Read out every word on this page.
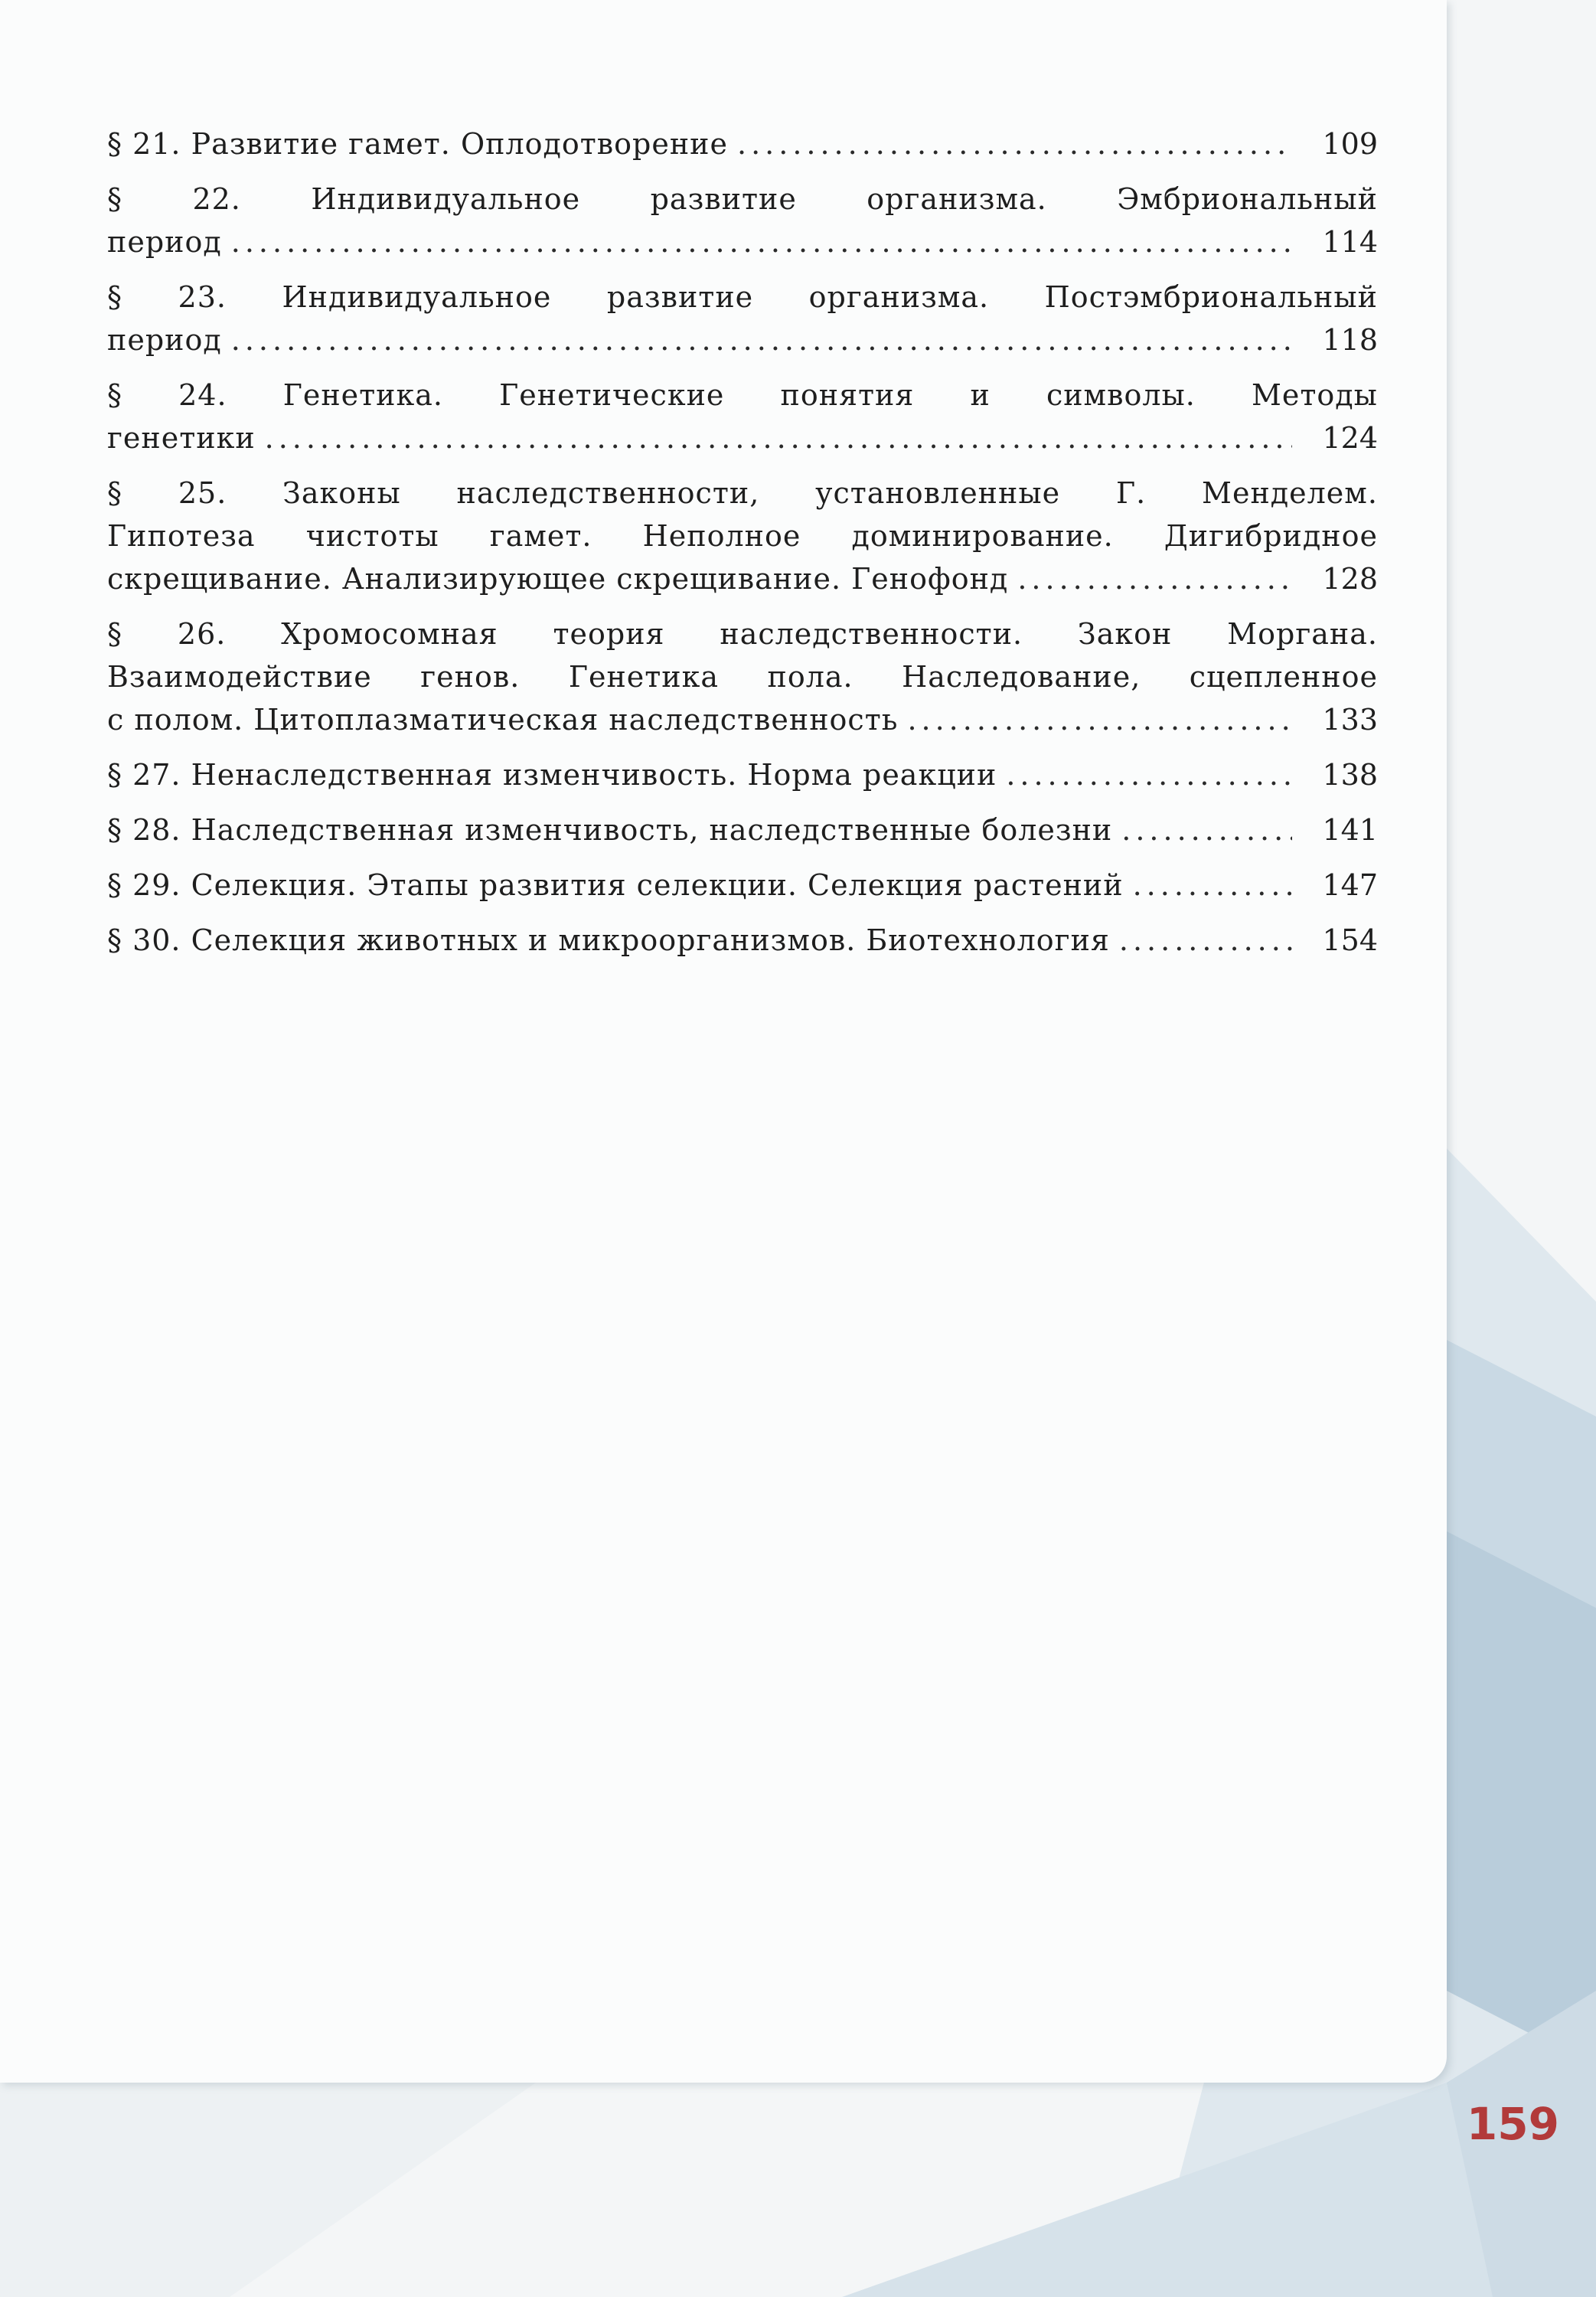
§ 21. Развитие гамет. Оплодотворение .....	109
§ 22. Индивидуальное развитие организма. Эмбриональный
период .....	114
§ 23. Индивидуальное развитие организма. Постэмбриональный
период .....	118
§ 24. Генетика. Генетические понятия и символы. Методы
генетики .....	124
§ 25. Законы наследственности, установленные Г. Менделем.
Гипотеза чистоты гамет. Неполное доминирование. Дигибридное
скрещивание. Анализирующее скрещивание. Генофонд .....	128
§ 26. Хромосомная теория наследственности. Закон Моргана.
Взаимодействие генов. Генетика пола. Наследование, сцепленное
с полом. Цитоплазматическая наследственность .....	133
§ 27. Ненаследственная изменчивость. Норма реакции .....	138
§ 28. Наследственная изменчивость, наследственные болезни .....	141
§ 29. Селекция. Этапы развития селекции. Селекция растений .....	147
§ 30. Селекция животных и микроорганизмов. Биотехнология .....	154
159
